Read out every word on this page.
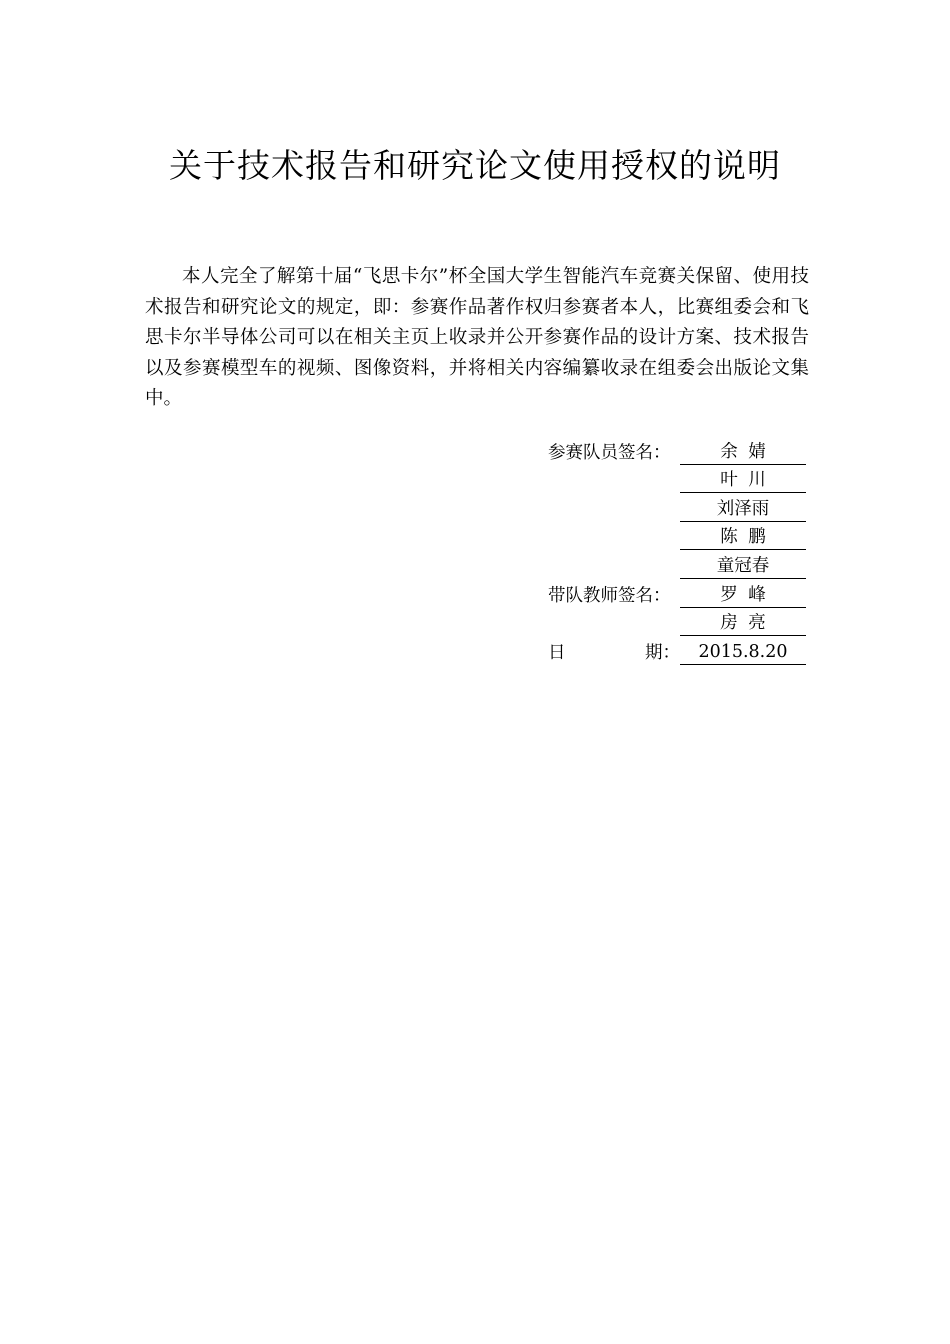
关于技术报告和研究论文使用授权的说明

本人完全了解第十届“飞思卡尔”杯全国大学生智能汽车竞赛关保留、使用技术报告和研究论文的规定，即：参赛作品著作权归参赛者本人，比赛组委会和飞思卡尔半导体公司可以在相关主页上收录并公开参赛作品的设计方案、技术报告以及参赛模型车的视频、图像资料，并将相关内容编纂收录在组委会出版论文集中。

参赛队员签名：	余婧
叶川
刘泽雨
陈鹏
童冠春
带队教师签名：	罗峰
房亮
日	期：	2015.8.20
